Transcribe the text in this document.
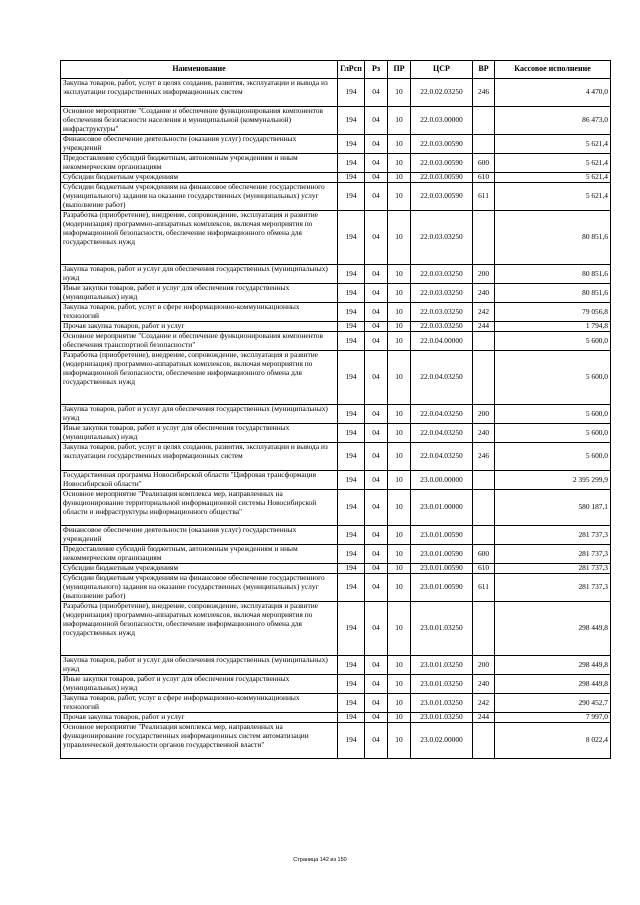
Наименование	ГлРсп	Рз	ПР	ЦСР	ВР	Кассовое исполнение
Закупка товаров, работ, услуг в целях создания, развития, эксплуатации и вывода из эксплуатации государственных информационных систем	194	04	10	22.0.02.03250	246	4 470,0
Основное мероприятие "Создание и обеспечение функционирования компонентов обеспечения безопасности населения и муниципальной (коммунальной) инфраструктуры"	194	04	10	22.0.03.00000		86 473,0
Финансовое обеспечение деятельности (оказания услуг) государственных учреждений	194	04	10	22.0.03.00590		5 621,4
Предоставление субсидий бюджетным, автономным учреждениям и иным некоммерческим организациям	194	04	10	22.0.03.00590	600	5 621,4
Субсидии бюджетным учреждениям	194	04	10	22.0.03.00590	610	5 621,4
Субсидии бюджетным учреждениям на финансовое обеспечение государственного (муниципального) задания на оказание государственных (муниципальных) услуг (выполнение работ)	194	04	10	22.0.03.00590	611	5 621,4
Разработка (приобретение), внедрение, сопровождение, эксплуатация и развитие (модернизация) программно-аппаратных комплексов, включая мероприятия по информационной безопасности, обеспечение информационного обмена для государственных нужд	194	04	10	22.0.03.03250		80 851,6
Закупка товаров, работ и услуг для обеспечения государственных (муниципальных) нужд	194	04	10	22.0.03.03250	200	80 851,6
Иные закупки товаров, работ и услуг для обеспечения государственных (муниципальных) нужд	194	04	10	22.0.03.03250	240	80 851,6
Закупка товаров, работ, услуг в сфере информационно-коммуникационных технологий	194	04	10	22.0.03.03250	242	79 056,8
Прочая закупка товаров, работ и услуг	194	04	10	22.0.03.03250	244	1 794,8
Основное мероприятие "Создание и обеспечение функционирования компонентов обеспечения транспортной безопасности"	194	04	10	22.0.04.00000		5 600,0
Разработка (приобретение), внедрение, сопровождение, эксплуатация и развитие (модернизация) программно-аппаратных комплексов, включая мероприятия по информационной безопасности, обеспечение информационного обмена для государственных нужд	194	04	10	22.0.04.03250		5 600,0
Закупка товаров, работ и услуг для обеспечения государственных (муниципальных) нужд	194	04	10	22.0.04.03250	200	5 600,0
Иные закупки товаров, работ и услуг для обеспечения государственных (муниципальных) нужд	194	04	10	22.0.04.03250	240	5 600,0
Закупка товаров, работ, услуг в целях создания, развития, эксплуатации и вывода из эксплуатации государственных информационных систем	194	04	10	22.0.04.03250	246	5 600,0
Государственная программа Новосибирской области "Цифровая трансформация Новосибирской области"	194	04	10	23.0.00.00000		2 395 299,9
Основное мероприятие "Реализация комплекса мер, направленных на функционирование территориальной информационной системы Новосибирской области и инфраструктуры информационного общества"	194	04	10	23.0.01.00000		580 187,1
Финансовое обеспечение деятельности (оказания услуг) государственных учреждений	194	04	10	23.0.01.00590		281 737,3
Предоставление субсидий бюджетным, автономным учреждениям и иным некоммерческим организациям	194	04	10	23.0.01.00590	600	281 737,3
Субсидии бюджетным учреждениям	194	04	10	23.0.01.00590	610	281 737,3
Субсидии бюджетным учреждениям на финансовое обеспечение государственного (муниципального) задания на оказание государственных (муниципальных) услуг (выполнение работ)	194	04	10	23.0.01.00590	611	281 737,3
Разработка (приобретение), внедрение, сопровождение, эксплуатация и развитие (модернизация) программно-аппаратных комплексов, включая мероприятия по информационной безопасности, обеспечение информационного обмена для государственных нужд	194	04	10	23.0.01.03250		298 449,8
Закупка товаров, работ и услуг для обеспечения государственных (муниципальных) нужд	194	04	10	23.0.01.03250	200	298 449,8
Иные закупки товаров, работ и услуг для обеспечения государственных (муниципальных) нужд	194	04	10	23.0.01.03250	240	298 449,8
Закупка товаров, работ, услуг в сфере информационно-коммуникационных технологий	194	04	10	23.0.01.03250	242	290 452,7
Прочая закупка товаров, работ и услуг	194	04	10	23.0.01.03250	244	7 997,0
Основное мероприятие "Реализация комплекса мер, направленных на функционирование государственных информационных систем автоматизации управленческой деятельности органов государственной власти"	194	04	10	23.0.02.00000		8 022,4
Страница 142 из 150
